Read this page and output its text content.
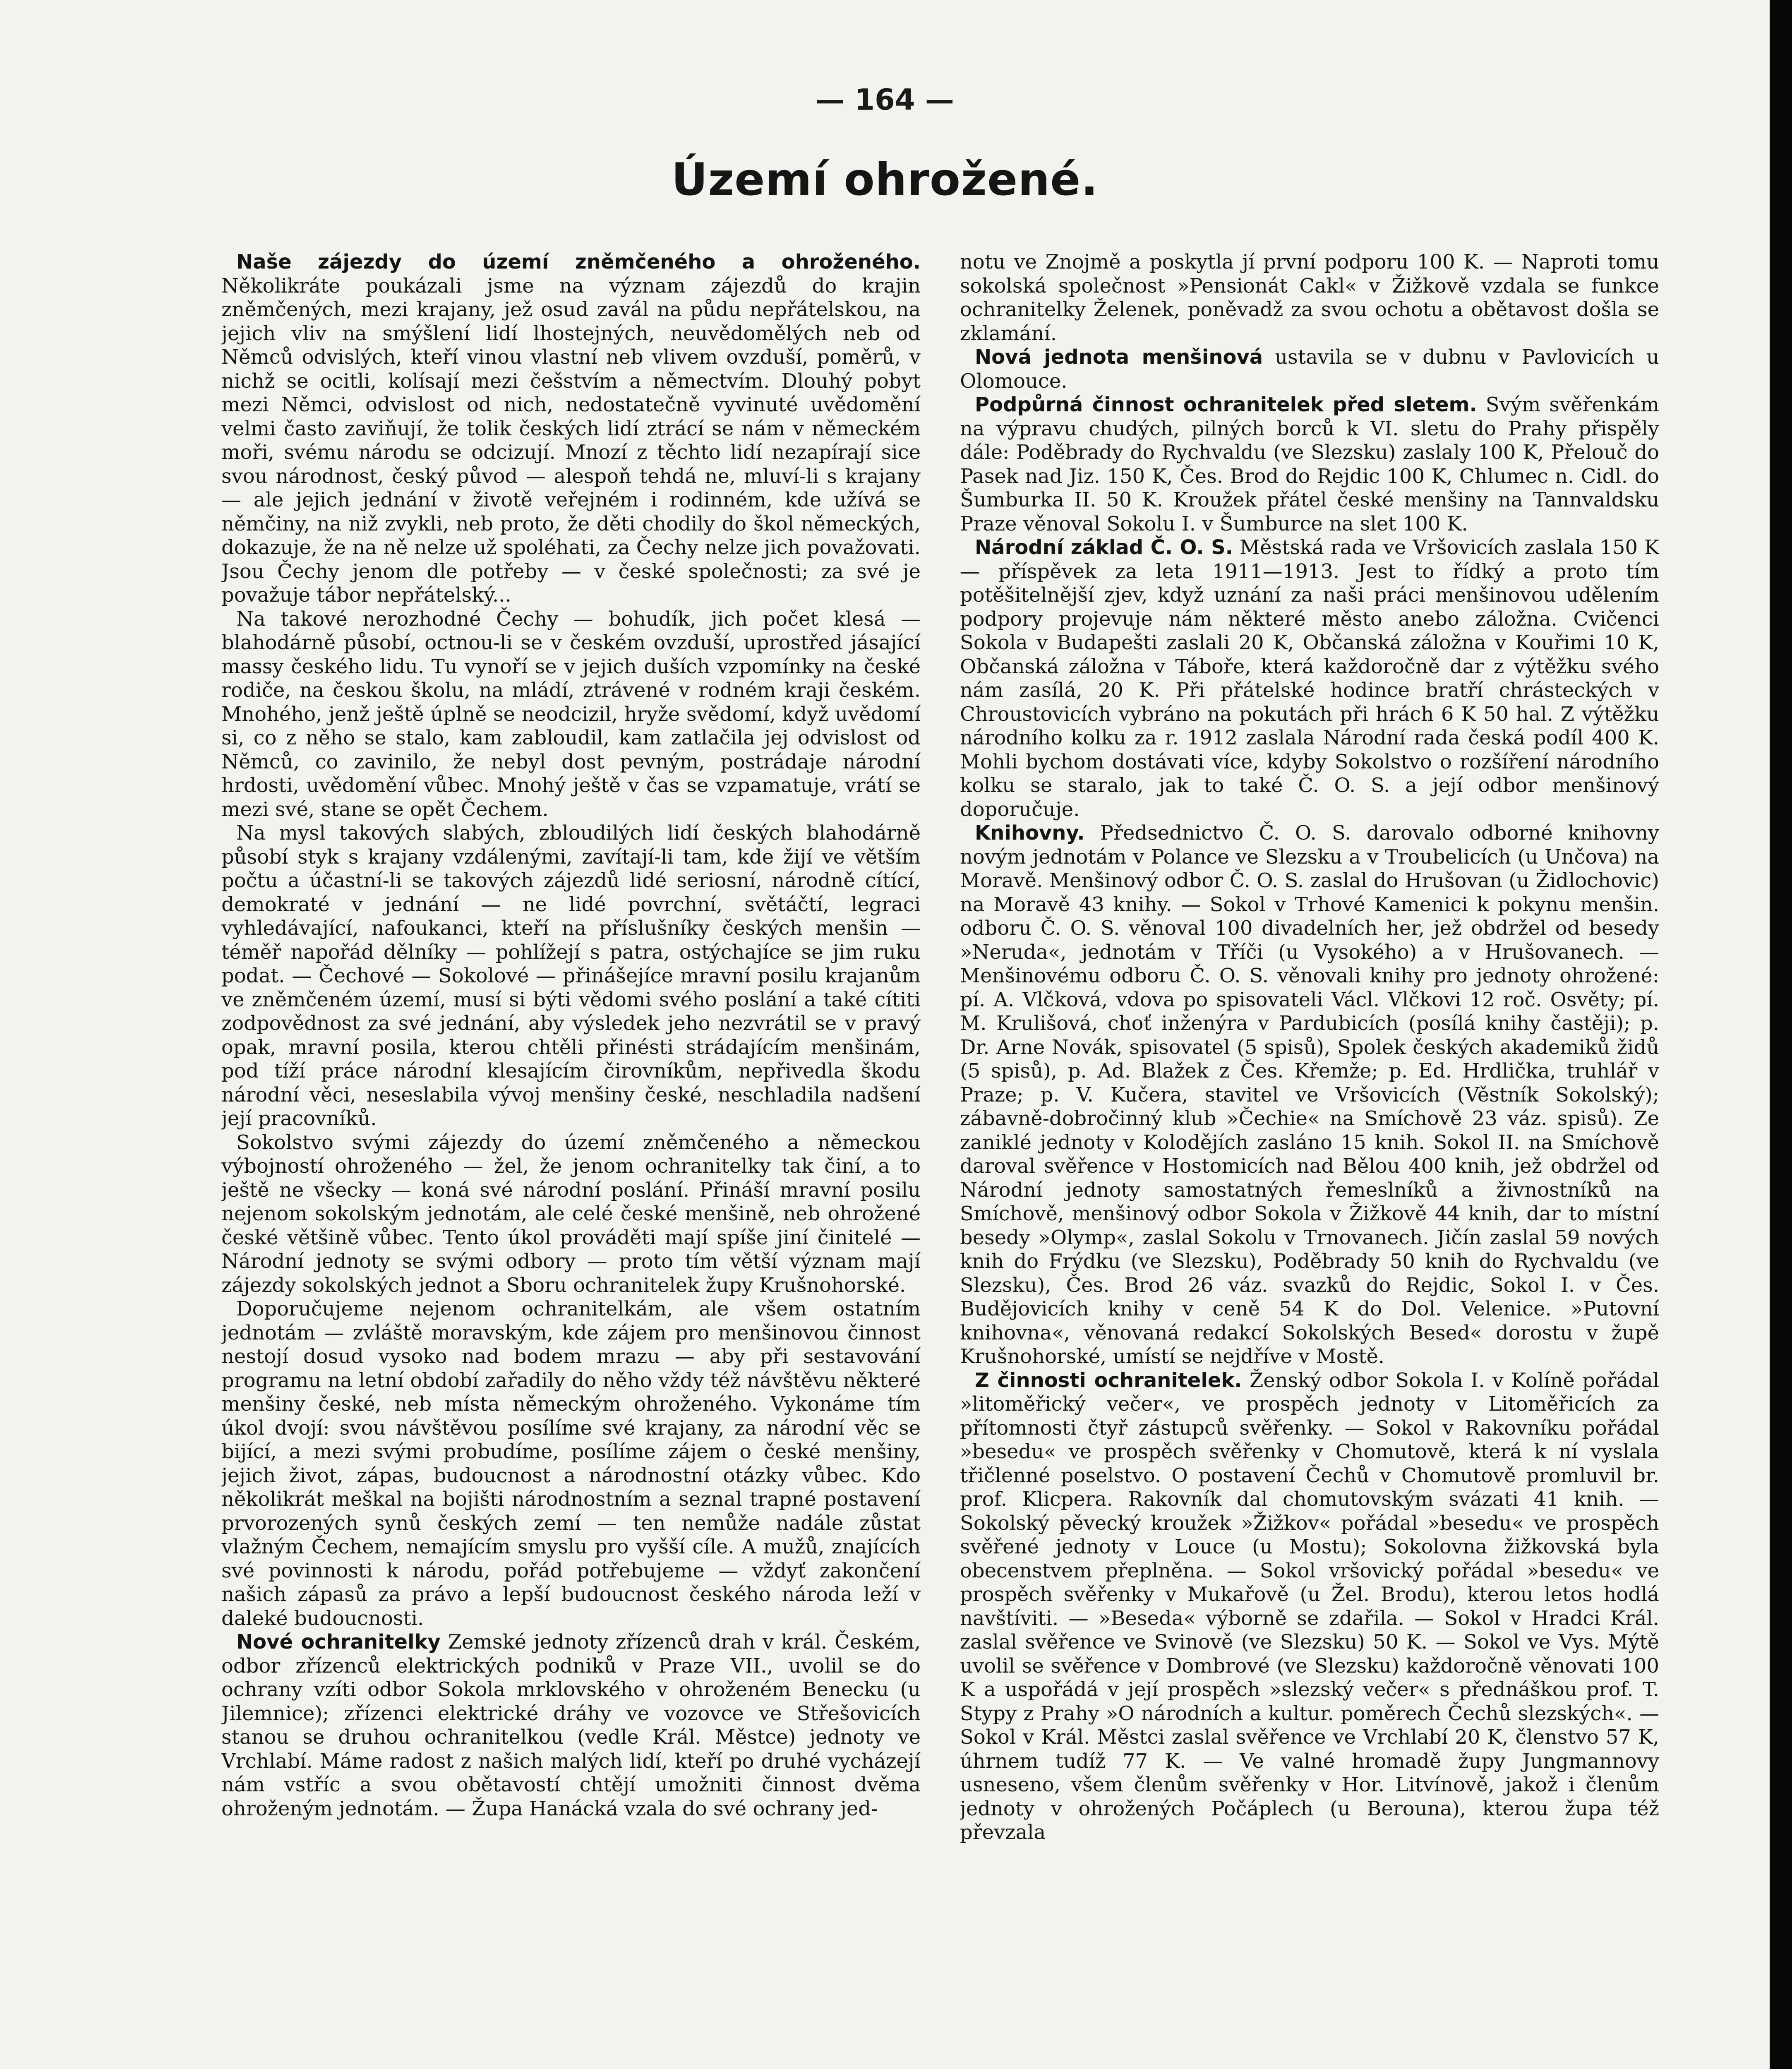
— 164 —
Území ohrožené.

Naše zájezdy do území zněmčeného a ohroženého. Několikráte poukázali jsme na význam zájezdů do krajin zněmčených, mezi krajany, jež osud zavál na půdu nepřátelskou, na jejich vliv na smýšlení lidí lhostejných, neuvědomělých neb od Němců odvislých, kteří vinou vlastní neb vlivem ovzduší, poměrů, v nichž se ocitli, kolísají mezi češstvím a němectvím. Dlouhý pobyt mezi Němci, odvislost od nich, nedostatečně vyvinuté uvědomění velmi často zaviňují, že tolik českých lidí ztrácí se nám v německém moři, svému národu se odcizují. Mnozí z těchto lidí nezapírají sice svou národnost, český původ — alespoň tehdá ne, mluví-li s krajany — ale jejich jednání v životě veřejném i rodinném, kde užívá se němčiny, na niž zvykli, neb proto, že děti chodily do škol německých, dokazuje, že na ně nelze už spoléhati, za Čechy nelze jich považovati. Jsou Čechy jenom dle potřeby — v české společnosti; za své je považuje tábor nepřátelský...

Na takové nerozhodné Čechy — bohudík, jich počet klesá — blahodárně působí, octnou-li se v českém ovzduší, uprostřed jásající massy českého lidu. Tu vynoří se v jejich duších vzpomínky na české rodiče, na českou školu, na mládí, ztrávené v rodném kraji českém. Mnohého, jenž ještě úplně se neodcizil, hryže svědomí, když uvědomí si, co z něho se stalo, kam zabloudil, kam zatlačila jej odvislost od Němců, co zavinilo, že nebyl dost pevným, postrádaje národní hrdosti, uvědomění vůbec. Mnohý ještě v čas se vzpamatuje, vrátí se mezi své, stane se opět Čechem.

Na mysl takových slabých, zbloudilých lidí českých blahodárně působí styk s krajany vzdálenými, zavítají-li tam, kde žijí ve větším počtu a účastní-li se takových zájezdů lidé seriosní, národně cítící, demokraté v jednání — ne lidé povrchní, světáčtí, legraci vyhledávající, nafoukanci, kteří na příslušníky českých menšin — téměř napořád dělníky — pohlížejí s patra, ostýchajíce se jim ruku podat. — Čechové — Sokolové — přinášejíce mravní posilu krajanům ve zněmčeném území, musí si býti vědomi svého poslání a také cítiti zodpovědnost za své jednání, aby výsledek jeho nezvrátil se v pravý opak, mravní posila, kterou chtěli přinésti strádajícím menšinám, pod tíží práce národní klesajícím čirovníkům, nepřivedla škodu národní věci, neseslabila vývoj menšiny české, neschladila nadšení její pracovníků.

Sokolstvo svými zájezdy do území zněmčeného a německou výbojností ohroženého — žel, že jenom ochranitelky tak činí, a to ještě ne všecky — koná své národní poslání. Přináší mravní posilu nejenom sokolským jednotám, ale celé české menšině, neb ohrožené české většině vůbec. Tento úkol prováděti mají spíše jiní činitelé — Národní jednoty se svými odbory — proto tím větší význam mají zájezdy sokolských jednot a Sboru ochranitelek župy Krušnohorské.

Doporučujeme nejenom ochranitelkám, ale všem ostatním jednotám — zvláště moravským, kde zájem pro menšinovou činnost nestojí dosud vysoko nad bodem mrazu — aby při sestavování programu na letní období zařadily do něho vždy též návštěvu některé menšiny české, neb místa německým ohroženého. Vykonáme tím úkol dvojí: svou návštěvou posílíme své krajany, za národní věc se bijící, a mezi svými probudíme, posílíme zájem o české menšiny, jejich život, zápas, budoucnost a národnostní otázky vůbec. Kdo několikrát meškal na bojišti národnostním a seznal trapné postavení prvorozených synů českých zemí — ten nemůže nadále zůstat vlažným Čechem, nemajícím smyslu pro vyšší cíle. A mužů, znajících své povinnosti k národu, pořád potřebujeme — vždyť zakončení našich zápasů za právo a lepší budoucnost českého národa leží v daleké budoucnosti.

Nové ochranitelky Zemské jednoty zřízenců drah v král. Českém, odbor zřízenců elektrických podniků v Praze VII., uvolil se do ochrany vzíti odbor Sokola mrklovského v ohroženém Benecku (u Jilemnice); zřízenci elektrické dráhy ve vozovce ve Střešovicích stanou se druhou ochranitelkou (vedle Král. Městce) jednoty ve Vrchlabí. Máme radost z našich malých lidí, kteří po druhé vycházejí nám vstříc a svou obětavostí chtějí umožniti činnost dvěma ohroženým jednotám. — Župa Hanácká vzala do své ochrany jed-

notu ve Znojmě a poskytla jí první podporu 100 K. — Naproti tomu sokolská společnost »Pensionát Cakl« v Žižkově vzdala se funkce ochranitelky Želenek, poněvadž za svou ochotu a obětavost došla se zklamání.

Nová jednota menšinová ustavila se v dubnu v Pavlovicích u Olomouce.

Podpůrná činnost ochranitelek před sletem. Svým svěřenkám na výpravu chudých, pilných borců k VI. sletu do Prahy přispěly dále: Poděbrady do Rychvaldu (ve Slezsku) zaslaly 100 K, Přelouč do Pasek nad Jiz. 150 K, Čes. Brod do Rejdic 100 K, Chlumec n. Cidl. do Šumburka II. 50 K. Kroužek přátel české menšiny na Tannvaldsku Praze věnoval Sokolu I. v Šumburce na slet 100 K.

Národní základ Č. O. S. Městská rada ve Vršovicích zaslala 150 K — příspěvek za leta 1911—1913. Jest to řídký a proto tím potěšitelnější zjev, když uznání za naši práci menšinovou udělením podpory projevuje nám některé město anebo záložna. Cvičenci Sokola v Budapešti zaslali 20 K, Občanská záložna v Kouřimi 10 K, Občanská záložna v Táboře, která každoročně dar z výtěžku svého nám zasílá, 20 K. Při přátelské hodince bratří chrásteckých v Chroustovicích vybráno na pokutách při hrách 6 K 50 hal. Z výtěžku národního kolku za r. 1912 zaslala Národní rada česká podíl 400 K. Mohli bychom dostávati více, kdyby Sokolstvo o rozšíření národního kolku se staralo, jak to také Č. O. S. a její odbor menšinový doporučuje.

Knihovny. Předsednictvo Č. O. S. darovalo odborné knihovny novým jednotám v Polance ve Slezsku a v Troubelicích (u Unčova) na Moravě. Menšinový odbor Č. O. S. zaslal do Hrušovan (u Židlochovic) na Moravě 43 knihy. — Sokol v Trhové Kamenici k pokynu menšin. odboru Č. O. S. věnoval 100 divadelních her, jež obdržel od besedy »Neruda«, jednotám v Tříči (u Vysokého) a v Hrušovanech. — Menšinovému odboru Č. O. S. věnovali knihy pro jednoty ohrožené: pí. A. Vlčková, vdova po spisovateli Václ. Vlčkovi 12 roč. Osvěty; pí. M. Krulišová, choť inženýra v Pardubicích (posílá knihy častěji); p. Dr. Arne Novák, spisovatel (5 spisů), Spolek českých akademiků židů (5 spisů), p. Ad. Blažek z Čes. Křemže; p. Ed. Hrdlička, truhlář v Praze; p. V. Kučera, stavitel ve Vršovicích (Věstník Sokolský); zábavně-dobročinný klub »Čechie« na Smíchově 23 váz. spisů). Ze zaniklé jednoty v Kolodějích zasláno 15 knih. Sokol II. na Smíchově daroval svěřence v Hostomicích nad Bělou 400 knih, jež obdržel od Národní jednoty samostatných řemeslníků a živnostníků na Smíchově, menšinový odbor Sokola v Žižkově 44 knih, dar to místní besedy »Olymp«, zaslal Sokolu v Trnovanech. Jičín zaslal 59 nových knih do Frýdku (ve Slezsku), Poděbrady 50 knih do Rychvaldu (ve Slezsku), Čes. Brod 26 váz. svazků do Rejdic, Sokol I. v Čes. Budějovicích knihy v ceně 54 K do Dol. Velenice. »Putovní knihovna«, věnovaná redakcí Sokolských Besed« dorostu v župě Krušnohorské, umístí se nejdříve v Mostě.

Z činnosti ochranitelek. Ženský odbor Sokola I. v Kolíně pořádal »litoměřický večer«, ve prospěch jednoty v Litoměřicích za přítomnosti čtyř zástupců svěřenky. — Sokol v Rakovníku pořádal »besedu« ve prospěch svěřenky v Chomutově, která k ní vyslala třičlenné poselstvo. O postavení Čechů v Chomutově promluvil br. prof. Klicpera. Rakovník dal chomutovským svázati 41 knih. — Sokolský pěvecký kroužek »Žižkov« pořádal »besedu« ve prospěch svěřené jednoty v Louce (u Mostu); Sokolovna žižkovská byla obecenstvem přeplněna. — Sokol vršovický pořádal »besedu« ve prospěch svěřenky v Mukařově (u Žel. Brodu), kterou letos hodlá navštíviti. — »Beseda« výborně se zdařila. — Sokol v Hradci Král. zaslal svěřence ve Svinově (ve Slezsku) 50 K. — Sokol ve Vys. Mýtě uvolil se svěřence v Dombrové (ve Slezsku) každoročně věnovati 100 K a uspořádá v její prospěch »slezský večer« s přednáškou prof. T. Stypy z Prahy »O národních a kultur. poměrech Čechů slezských«. — Sokol v Král. Městci zaslal svěřence ve Vrchlabí 20 K, členstvo 57 K, úhrnem tudíž 77 K. — Ve valné hromadě župy Jungmannovy usneseno, všem členům svěřenky v Hor. Litvínově, jakož i členům jednoty v ohrožených Počáplech (u Berouna), kterou župa též převzala
